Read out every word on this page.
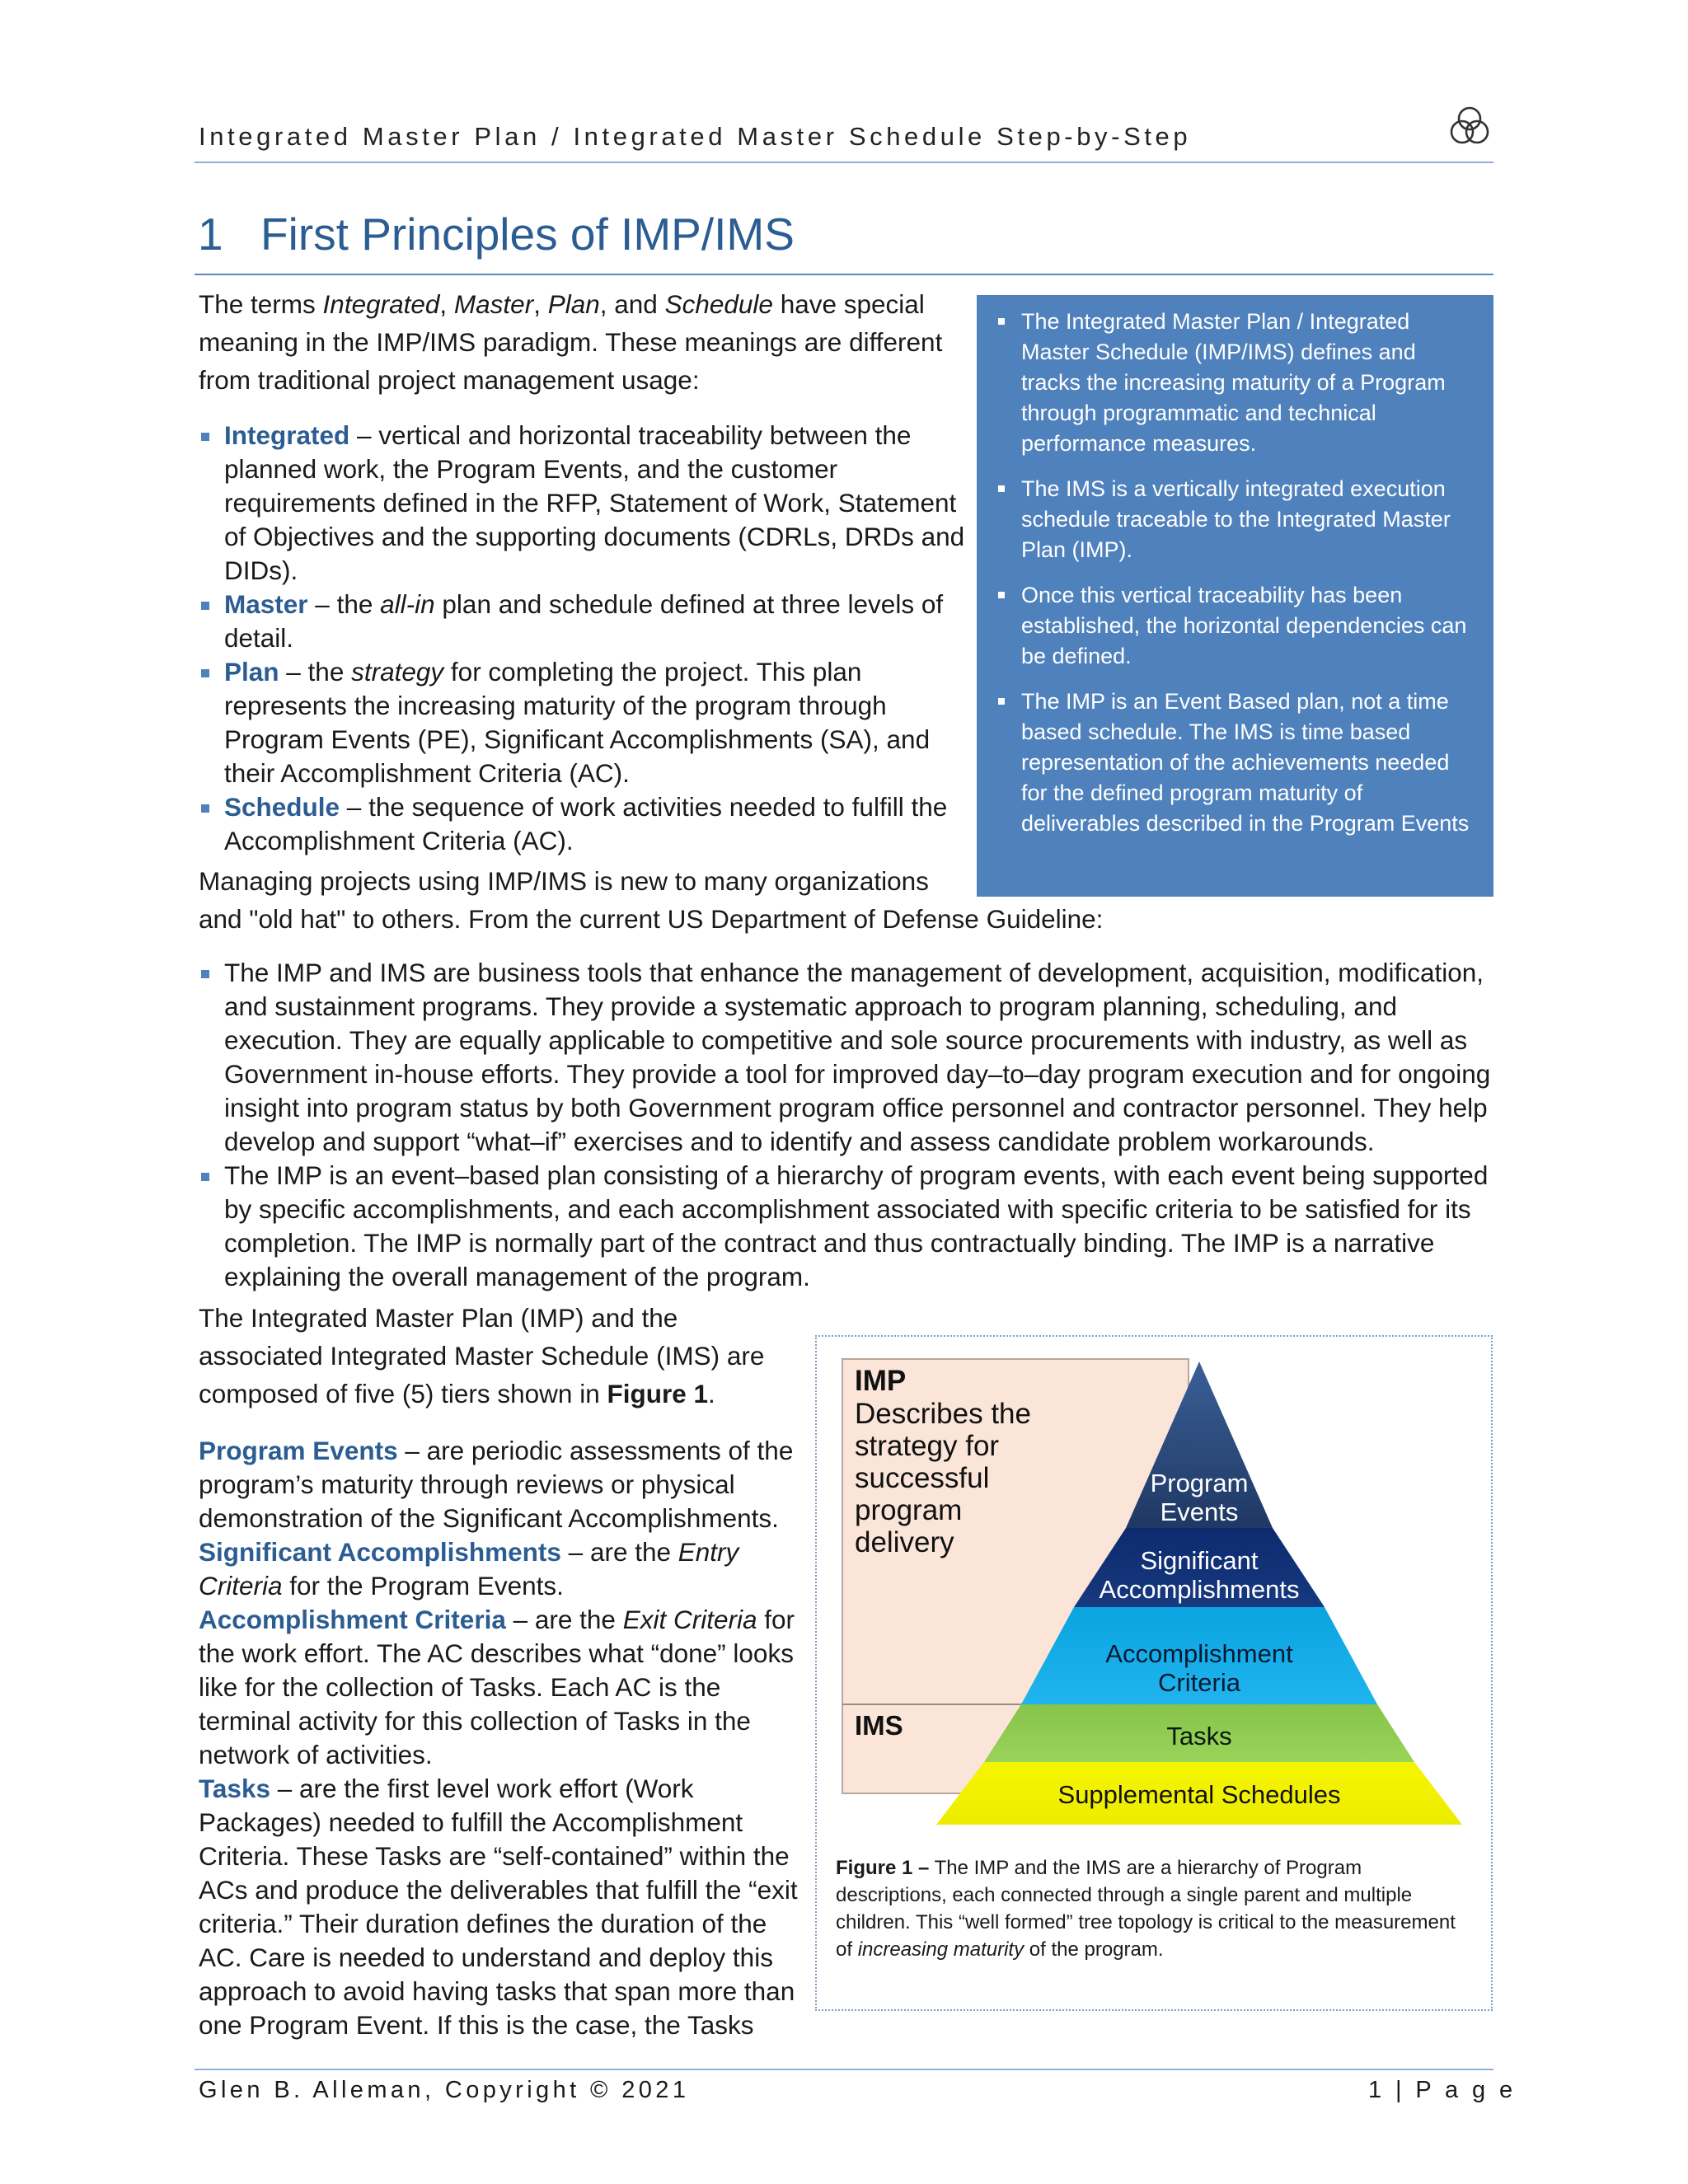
Integrated Master Plan / Integrated Master Schedule Step-by-Step
1 First Principles of IMP/IMS
The terms Integrated, Master, Plan, and Schedule have special meaning in the IMP/IMS paradigm. These meanings are different from traditional project management usage:
Integrated – vertical and horizontal traceability between the planned work, the Program Events, and the customer requirements defined in the RFP, Statement of Work, Statement of Objectives and the supporting documents (CDRLs, DRDs and DIDs).
Master – the all-in plan and schedule defined at three levels of detail.
Plan – the strategy for completing the project. This plan represents the increasing maturity of the program through Program Events (PE), Significant Accomplishments (SA), and their Accomplishment Criteria (AC).
Schedule – the sequence of work activities needed to fulfill the Accomplishment Criteria (AC).
Managing projects using IMP/IMS is new to many organizations
and "old hat" to others. From the current US Department of Defense Guideline:
The Integrated Master Plan / Integrated Master Schedule (IMP/IMS) defines and tracks the increasing maturity of a Program through programmatic and technical performance measures.
The IMS is a vertically integrated execution schedule traceable to the Integrated Master Plan (IMP).
Once this vertical traceability has been established, the horizontal dependencies can be defined.
The IMP is an Event Based plan, not a time based schedule. The IMS is time based representation of the achievements needed for the defined program maturity of deliverables described in the Program Events
The IMP and IMS are business tools that enhance the management of development, acquisition, modification, and sustainment programs. They provide a systematic approach to program planning, scheduling, and execution. They are equally applicable to competitive and sole source procurements with industry, as well as Government in-house efforts. They provide a tool for improved day–to–day program execution and for ongoing insight into program status by both Government program office personnel and contractor personnel. They help develop and support “what–if” exercises and to identify and assess candidate problem workarounds.
The IMP is an event–based plan consisting of a hierarchy of program events, with each event being supported by specific accomplishments, and each accomplishment associated with specific criteria to be satisfied for its completion. The IMP is normally part of the contract and thus contractually binding. The IMP is a narrative explaining the overall management of the program.
The Integrated Master Plan (IMP) and the associated Integrated Master Schedule (IMS) are composed of five (5) tiers shown in Figure 1.
Program Events – are periodic assessments of the program’s maturity through reviews or physical demonstration of the Significant Accomplishments.
Significant Accomplishments – are the Entry Criteria for the Program Events.
Accomplishment Criteria – are the Exit Criteria for the work effort. The AC describes what “done” looks like for the collection of Tasks. Each AC is the terminal activity for this collection of Tasks in the network of activities.
Tasks – are the first level work effort (Work Packages) needed to fulfill the Accomplishment Criteria. These Tasks are “self-contained” within the ACs and produce the deliverables that fulfill the “exit criteria.” Their duration defines the duration of the AC. Care is needed to understand and deploy this approach to avoid having tasks that span more than one Program Event. If this is the case, the Tasks
IMP
Describes the
strategy for
successful
program
delivery
IMS
Program
Events
Significant
Accomplishments
Accomplishment
Criteria
Tasks
Supplemental Schedules
Figure 1 – The IMP and the IMS are a hierarchy of Program descriptions, each connected through a single parent and multiple children. This “well formed” tree topology is critical to the measurement of increasing maturity of the program.
Glen B. Alleman, Copyright © 2021	1 | P a g e
